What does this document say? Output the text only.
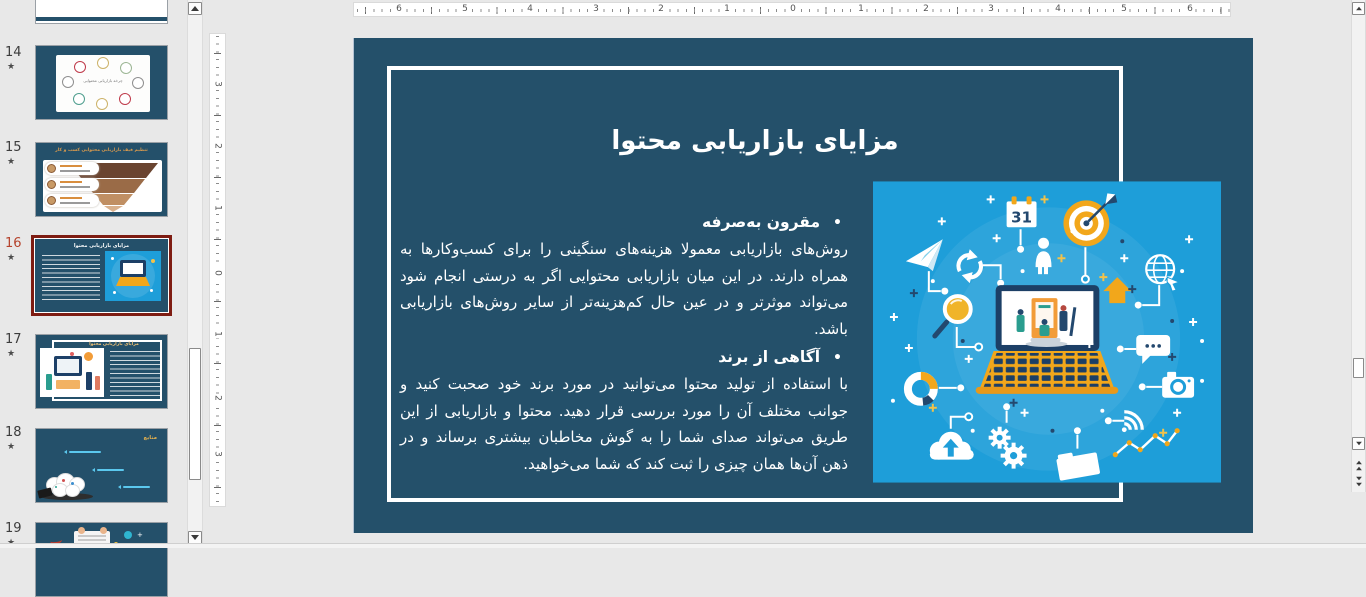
14
★
چرخه بازاریابی محتوایی
15
★
تنظیم قیف بازاریابی محتوایی کسب و کار
16
★
مزایای بازاریابی محتوا
17
★
مزایای بازاریابی محتوا
18
★
منابع
19	+
3
2
1
0
1
2
3
6	5	4	3	2	1	0	1	2	3	4	5	6
مزایای بازاریابی محتوا
•مقرون به‌صرفه
روش‌های بازاریابی معمولا هزینه‌های سنگینی را برای کسب‌وکارها به همراه دارند. در این میان بازاریابی محتوایی اگر به درستی انجام شود می‌تواند موثرتر و در عین حال کم‌هزینه‌تر از سایر روش‌های بازاریابی باشد.
•آگاهی از برند
با استفاده از تولید محتوا می‌توانید در مورد برند خود صحبت کنید و جوانب مختلف آن را مورد بررسی قرار دهید. محتوا و بازاریابی از این طریق می‌تواند صدای شما را به گوش مخاطبان بیشتری برساند و در ذهن آن‌ها همان چیزی را ثبت کند که شما می‌خواهید.
31
